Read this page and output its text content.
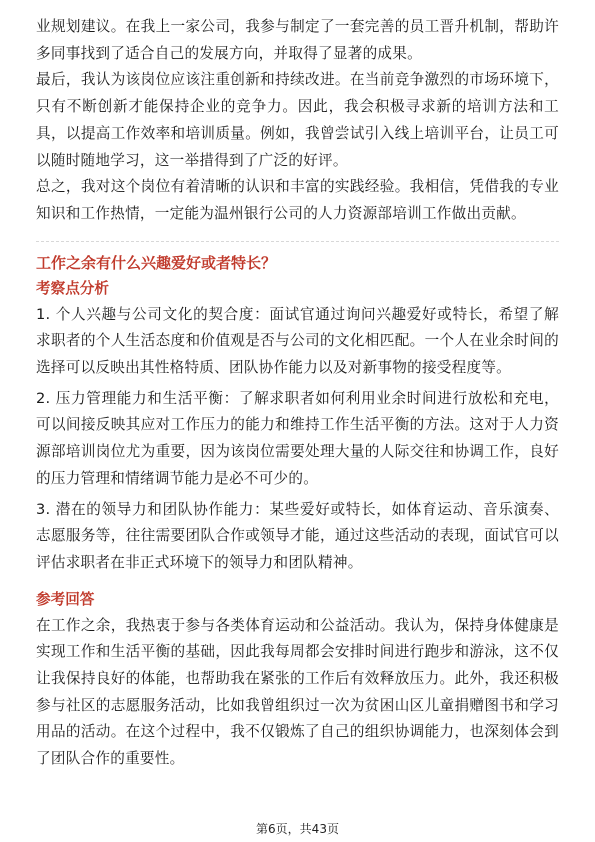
业规划建议。在我上一家公司，我参与制定了一套完善的员工晋升机制，帮助许多同事找到了适合自己的发展方向，并取得了显著的成果。

最后，我认为该岗位应该注重创新和持续改进。在当前竞争激烈的市场环境下，只有不断创新才能保持企业的竞争力。因此，我会积极寻求新的培训方法和工具，以提高工作效率和培训质量。例如，我曾尝试引入线上培训平台，让员工可以随时随地学习，这一举措得到了广泛的好评。

总之，我对这个岗位有着清晰的认识和丰富的实践经验。我相信，凭借我的专业知识和工作热情，一定能为温州银行公司的人力资源部培训工作做出贡献。

工作之余有什么兴趣爱好或者特长？

考察点分析

1. 个人兴趣与公司文化的契合度：面试官通过询问兴趣爱好或特长，希望了解求职者的个人生活态度和价值观是否与公司的文化相匹配。一个人在业余时间的选择可以反映出其性格特质、团队协作能力以及对新事物的接受程度等。

2. 压力管理能力和生活平衡：了解求职者如何利用业余时间进行放松和充电，可以间接反映其应对工作压力的能力和维持工作生活平衡的方法。这对于人力资源部培训岗位尤为重要，因为该岗位需要处理大量的人际交往和协调工作，良好的压力管理和情绪调节能力是必不可少的。

3. 潜在的领导力和团队协作能力：某些爱好或特长，如体育运动、音乐演奏、志愿服务等，往往需要团队合作或领导才能，通过这些活动的表现，面试官可以评估求职者在非正式环境下的领导力和团队精神。

参考回答

在工作之余，我热衷于参与各类体育运动和公益活动。我认为，保持身体健康是实现工作和生活平衡的基础，因此我每周都会安排时间进行跑步和游泳，这不仅让我保持良好的体能，也帮助我在紧张的工作后有效释放压力。此外，我还积极参与社区的志愿服务活动，比如我曾组织过一次为贫困山区儿童捐赠图书和学习用品的活动。在这个过程中，我不仅锻炼了自己的组织协调能力，也深刻体会到了团队合作的重要性。

第6页，共43页
